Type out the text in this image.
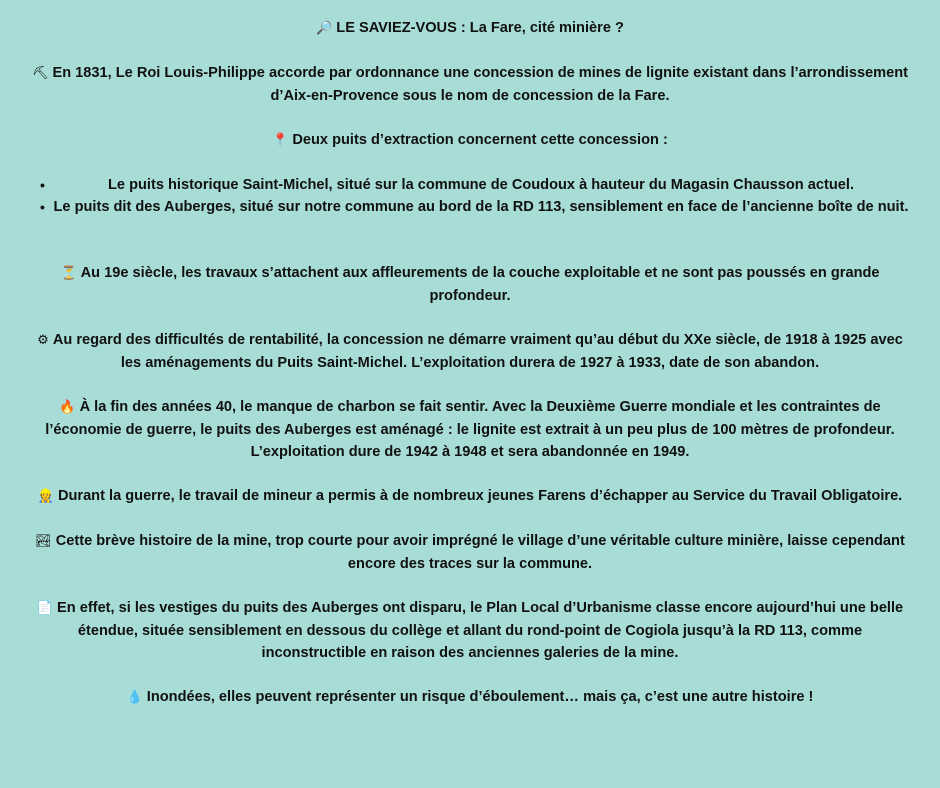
🔎 LE SAVIEZ-VOUS : La Fare, cité minière ?

⛏ En 1831, Le Roi Louis-Philippe accorde par ordonnance une concession de mines de lignite existant dans l’arrondissement d’Aix-en-Provence sous le nom de concession de la Fare.

📍 Deux puits d’extraction concernent cette concession :

•	Le puits historique Saint-Michel, situé sur la commune de Coudoux à hauteur du Magasin Chausson actuel.
• Le puits dit des Auberges, situé sur notre commune au bord de la RD 113, sensiblement en face de l’ancienne boîte de nuit.

⏳ Au 19e siècle, les travaux s’attachent aux affleurements de la couche exploitable et ne sont pas poussés en grande profondeur.

⚙ Au regard des difficultés de rentabilité, la concession ne démarre vraiment qu’au début du XXe siècle, de 1918 à 1925 avec les aménagements du Puits Saint-Michel. L’exploitation durera de 1927 à 1933, date de son abandon.

🔥 À la fin des années 40, le manque de charbon se fait sentir. Avec la Deuxième Guerre mondiale et les contraintes de l’économie de guerre, le puits des Auberges est aménagé : le lignite est extrait à un peu plus de 100 mètres de profondeur. L’exploitation dure de 1942 à 1948 et sera abandonnée en 1949.

👷 Durant la guerre, le travail de mineur a permis à de nombreux jeunes Farens d’échapper au Service du Travail Obligatoire.

🏞 Cette brève histoire de la mine, trop courte pour avoir imprégné le village d’une véritable culture minière, laisse cependant encore des traces sur la commune.

📄 En effet, si les vestiges du puits des Auberges ont disparu, le Plan Local d’Urbanisme classe encore aujourd’hui une belle étendue, située sensiblement en dessous du collège et allant du rond-point de Cogiola jusqu’à la RD 113, comme inconstructible en raison des anciennes galeries de la mine.

💧 Inondées, elles peuvent représenter un risque d’éboulement… mais ça, c’est une autre histoire !
